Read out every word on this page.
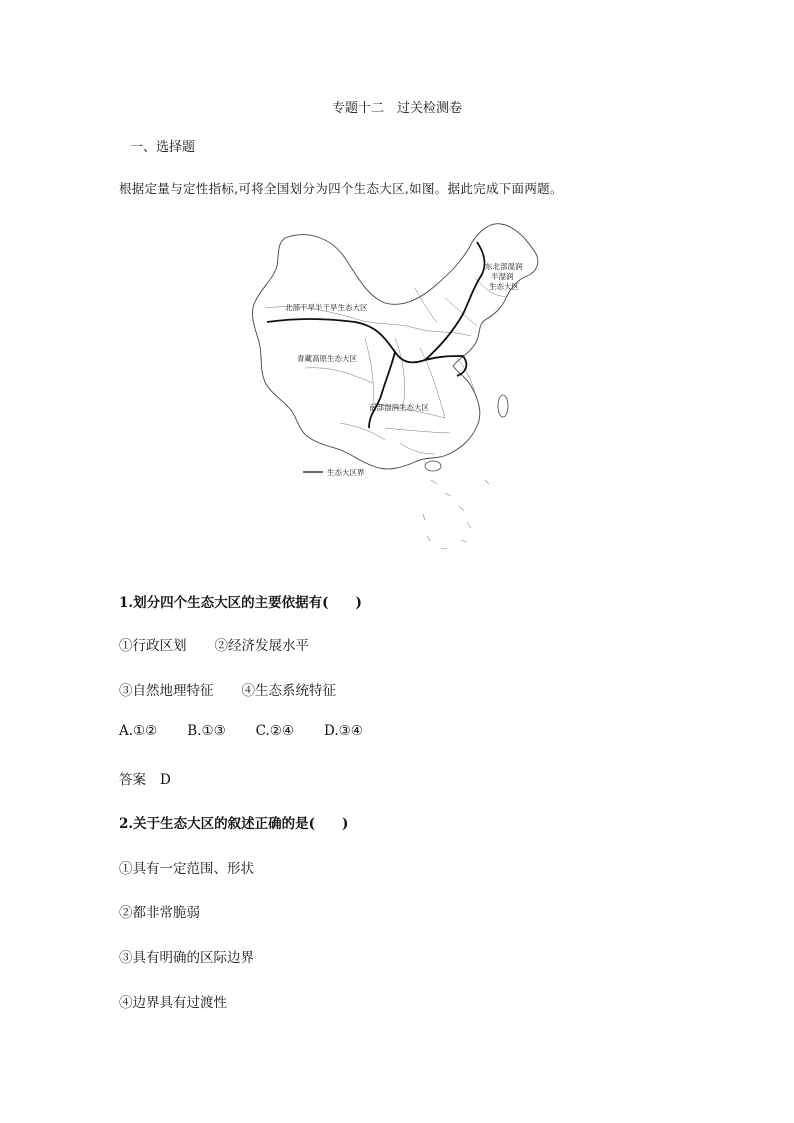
专题十二　过关检测卷
一、选择题
根据定量与定性指标,可将全国划分为四个生态大区,如图。据此完成下面两题。
东北部湿润
半湿润
生态大区
北部干旱半干旱生态大区
青藏高原生态大区
南部湿润生态大区
生态大区界
1.划分四个生态大区的主要依据有(　　)
①行政区划 ②经济发展水平
③自然地理特征 ④生态系统特征
A.①② B.①③ C.②④ D.③④
答案 D
2.关于生态大区的叙述正确的是(　　)
①具有一定范围、形状
②都非常脆弱
③具有明确的区际边界
④边界具有过渡性
